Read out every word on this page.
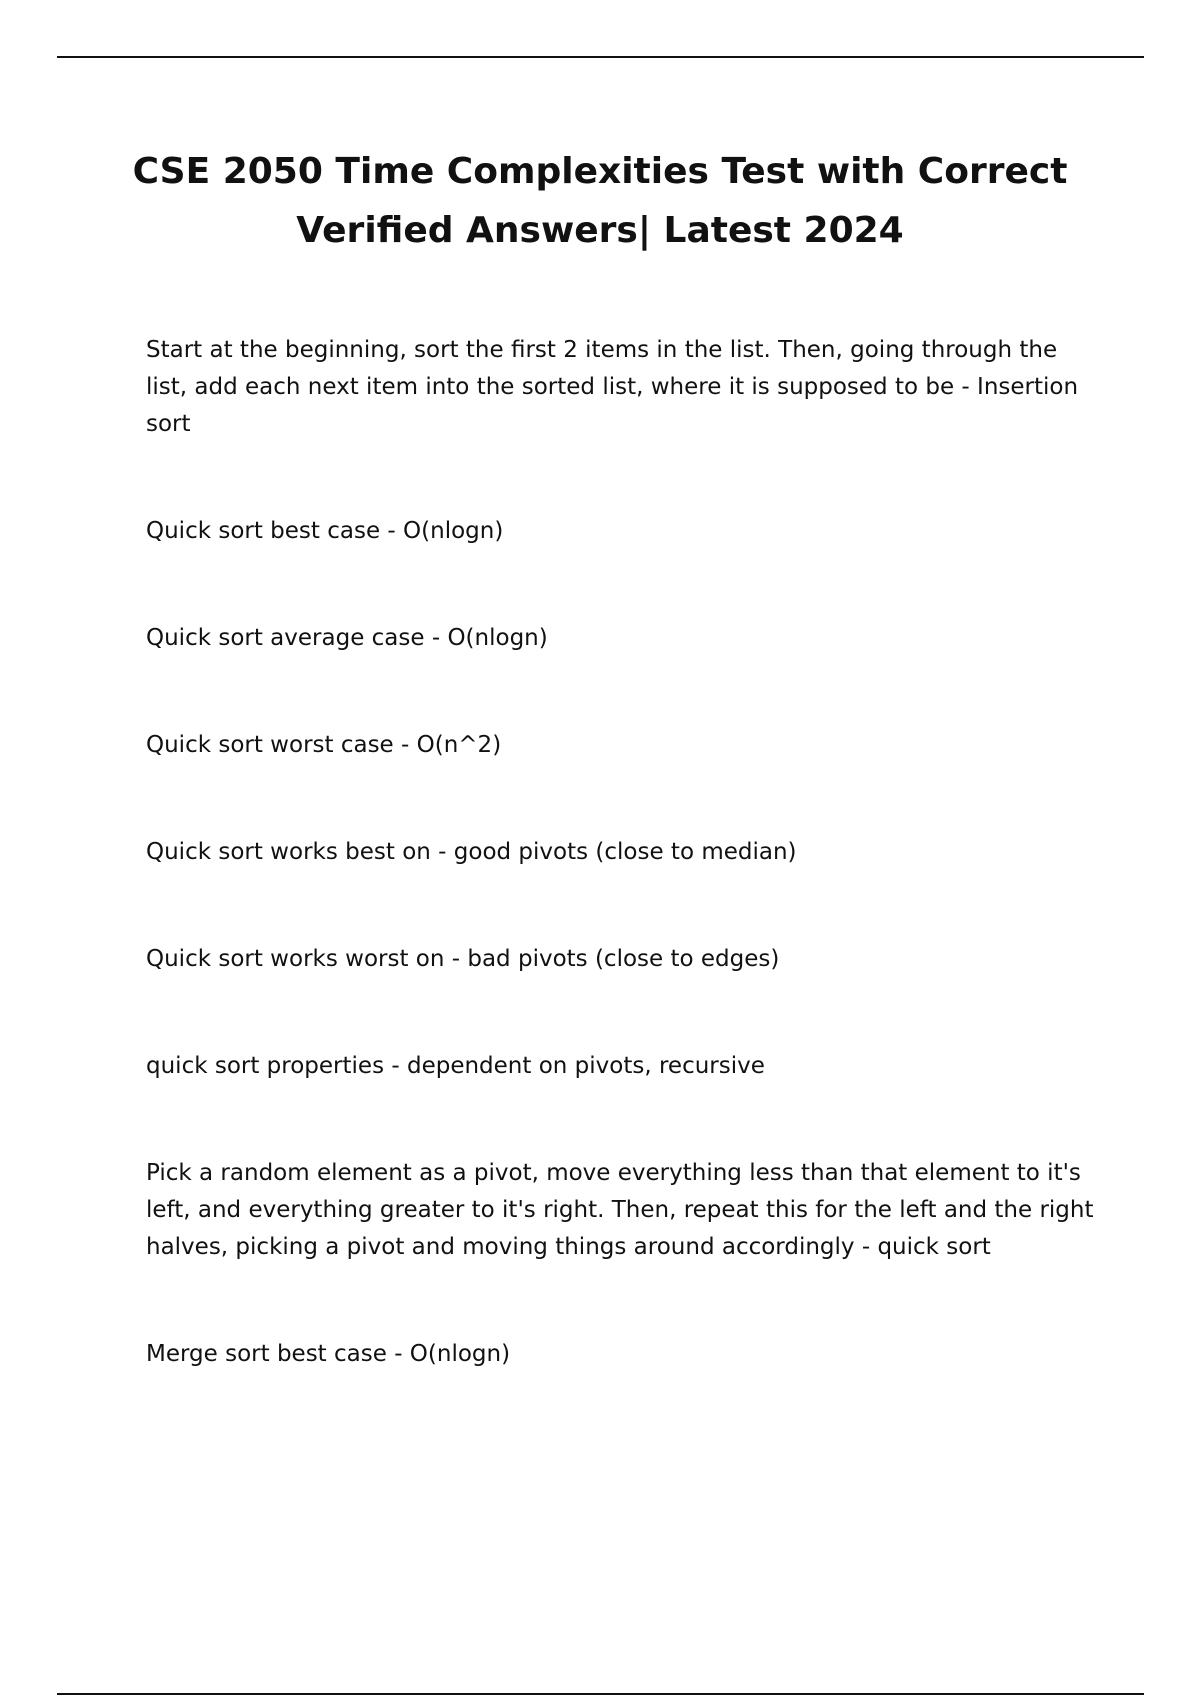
CSE 2050 Time Complexities Test with Correct Verified Answers| Latest 2024
Start at the beginning, sort the first 2 items in the list. Then, going through the list, add each next item into the sorted list, where it is supposed to be - Insertion sort
Quick sort best case - O(nlogn)
Quick sort average case - O(nlogn)
Quick sort worst case - O(n^2)
Quick sort works best on - good pivots (close to median)
Quick sort works worst on - bad pivots (close to edges)
quick sort properties - dependent on pivots, recursive
Pick a random element as a pivot, move everything less than that element to it's left, and everything greater to it's right. Then, repeat this for the left and the right halves, picking a pivot and moving things around accordingly - quick sort
Merge sort best case - O(nlogn)
